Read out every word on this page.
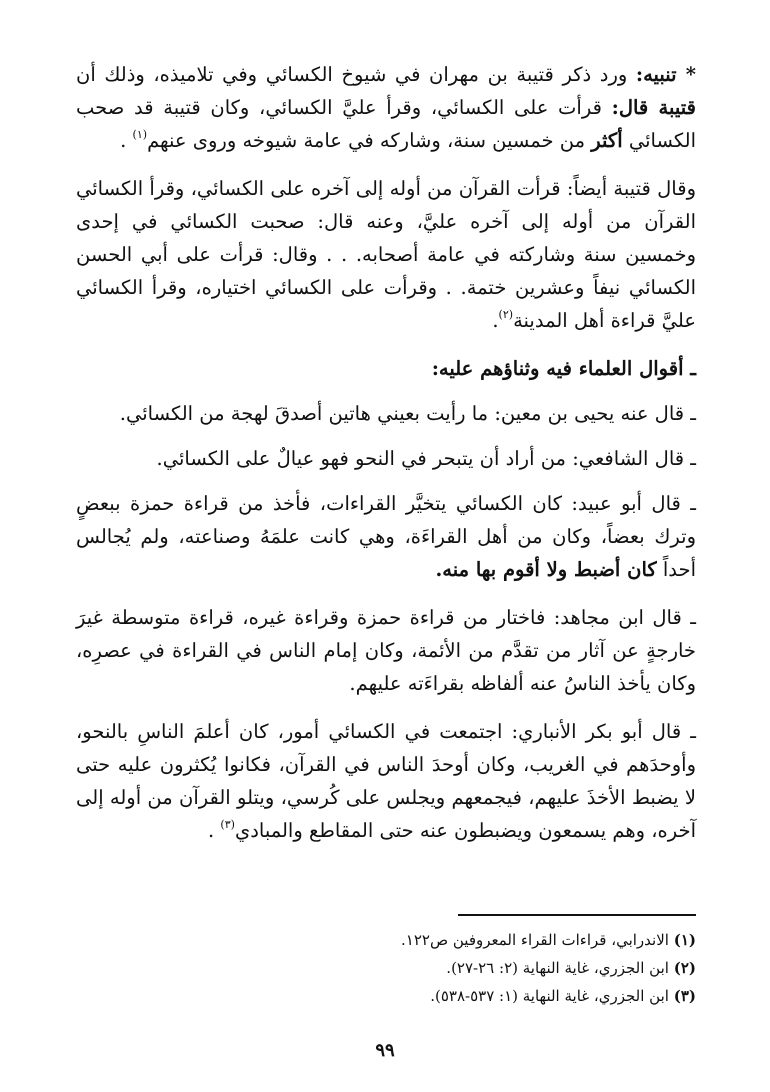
* تنبيه: ورد ذكر قتيبة بن مهران في شيوخ الكسائي وفي تلاميذه، وذلك أن قتيبة قال: قرأت على الكسائي، وقرأ عليَّ الكسائي، وكان قتيبة قد صحب الكسائي أكثر من خمسين سنة، وشاركه في عامة شيوخه وروى عنهم$^{(١)}$ .

وقال قتيبة أيضاً: قرأت القرآن من أوله إلى آخره على الكسائي، وقرأ الكسائي القرآن من أوله إلى آخره عليَّ، وعنه قال: صحبت الكسائي في إحدى وخمسين سنة وشاركته في عامة أصحابه. . . وقال: قرأت على أبي الحسن الكسائي نيفاً وعشرين ختمة. . وقرأت على الكسائي اختياره، وقرأ الكسائي عليَّ قراءة أهل المدينة$^{(٢)}$.

ـ أقوال العلماء فيه وثناؤهم عليه:

ـ قال عنه يحيى بن معين: ما رأيت بعيني هاتين أصدقَ لهجة من الكسائي.

ـ قال الشافعي: من أراد أن يتبحر في النحو فهو عيالٌ على الكسائي.

ـ قال أبو عبيد: كان الكسائي يتخيَّر القراءات، فأخذ من قراءة حمزة ببعضٍ وترك بعضاً، وكان من أهل القراءَة، وهي كانت علمَهُ وصناعته، ولم يُجالس أحداً كان أضبط ولا أقوم بها منه.

ـ قال ابن مجاهد: فاختار من قراءة حمزة وقراءة غيره، قراءة متوسطة غيرَ خارجةٍ عن آثار من تقدَّم من الأئمة، وكان إمام الناس في القراءة في عصرِه، وكان يأخذ الناسُ عنه ألفاظه بقراءَته عليهم.

ـ قال أبو بكر الأنباري: اجتمعت في الكسائي أمور، كان أعلمَ الناسِ بالنحو، وأوحدَهم في الغريب، وكان أوحدَ الناس في القرآن، فكانوا يُكثرون عليه حتى لا يضبط الأخذَ عليهم، فيجمعهم ويجلس على كُرسي، ويتلو القرآن من أوله إلى آخره، وهم يسمعون ويضبطون عنه حتى المقاطع والمبادي$^{(٣)}$ .

(١) الاندرابي، قراءات القراء المعروفين ص١٢٢.

(٢) ابن الجزري، غاية النهاية (٢: ٢٦-٢٧).

(٣) ابن الجزري، غاية النهاية (١: ٥٣٧-٥٣٨).

٩٩
